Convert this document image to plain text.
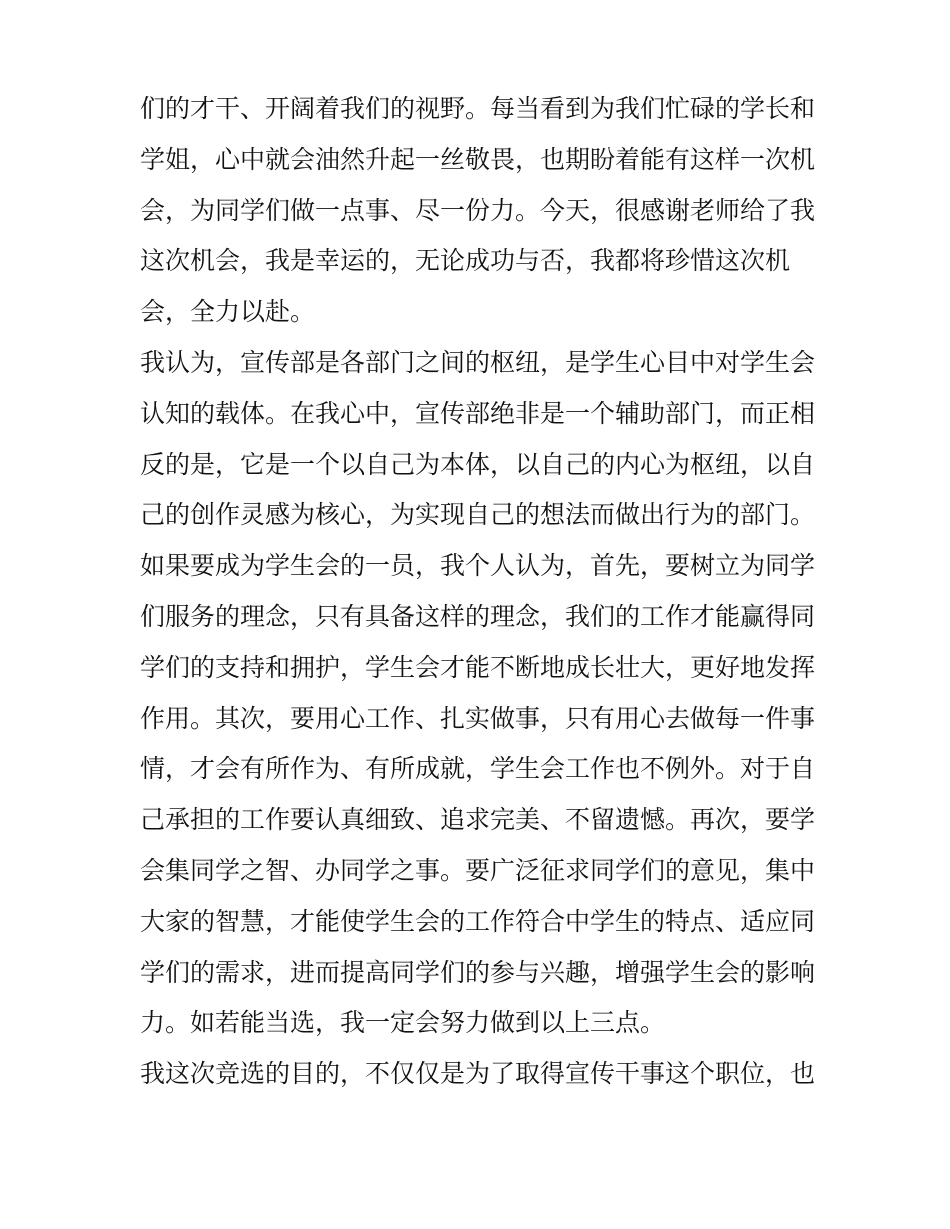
们的才干、开阔着我们的视野。每当看到为我们忙碌的学长和
学姐，心中就会油然升起一丝敬畏，也期盼着能有这样一次机
会，为同学们做一点事、尽一份力。今天，很感谢老师给了我
这次机会，我是幸运的，无论成功与否，我都将珍惜这次机
会，全力以赴。
我认为，宣传部是各部门之间的枢纽，是学生心目中对学生会
认知的载体。在我心中，宣传部绝非是一个辅助部门，而正相
反的是，它是一个以自己为本体，以自己的内心为枢纽，以自
己的创作灵感为核心，为实现自己的想法而做出行为的部门。
如果要成为学生会的一员，我个人认为，首先，要树立为同学
们服务的理念，只有具备这样的理念，我们的工作才能赢得同
学们的支持和拥护，学生会才能不断地成长壮大，更好地发挥
作用。其次，要用心工作、扎实做事，只有用心去做每一件事
情，才会有所作为、有所成就，学生会工作也不例外。对于自
己承担的工作要认真细致、追求完美、不留遗憾。再次，要学
会集同学之智、办同学之事。要广泛征求同学们的意见，集中
大家的智慧，才能使学生会的工作符合中学生的特点、适应同
学们的需求，进而提高同学们的参与兴趣，增强学生会的影响
力。如若能当选，我一定会努力做到以上三点。
我这次竞选的目的，不仅仅是为了取得宣传干事这个职位，也
